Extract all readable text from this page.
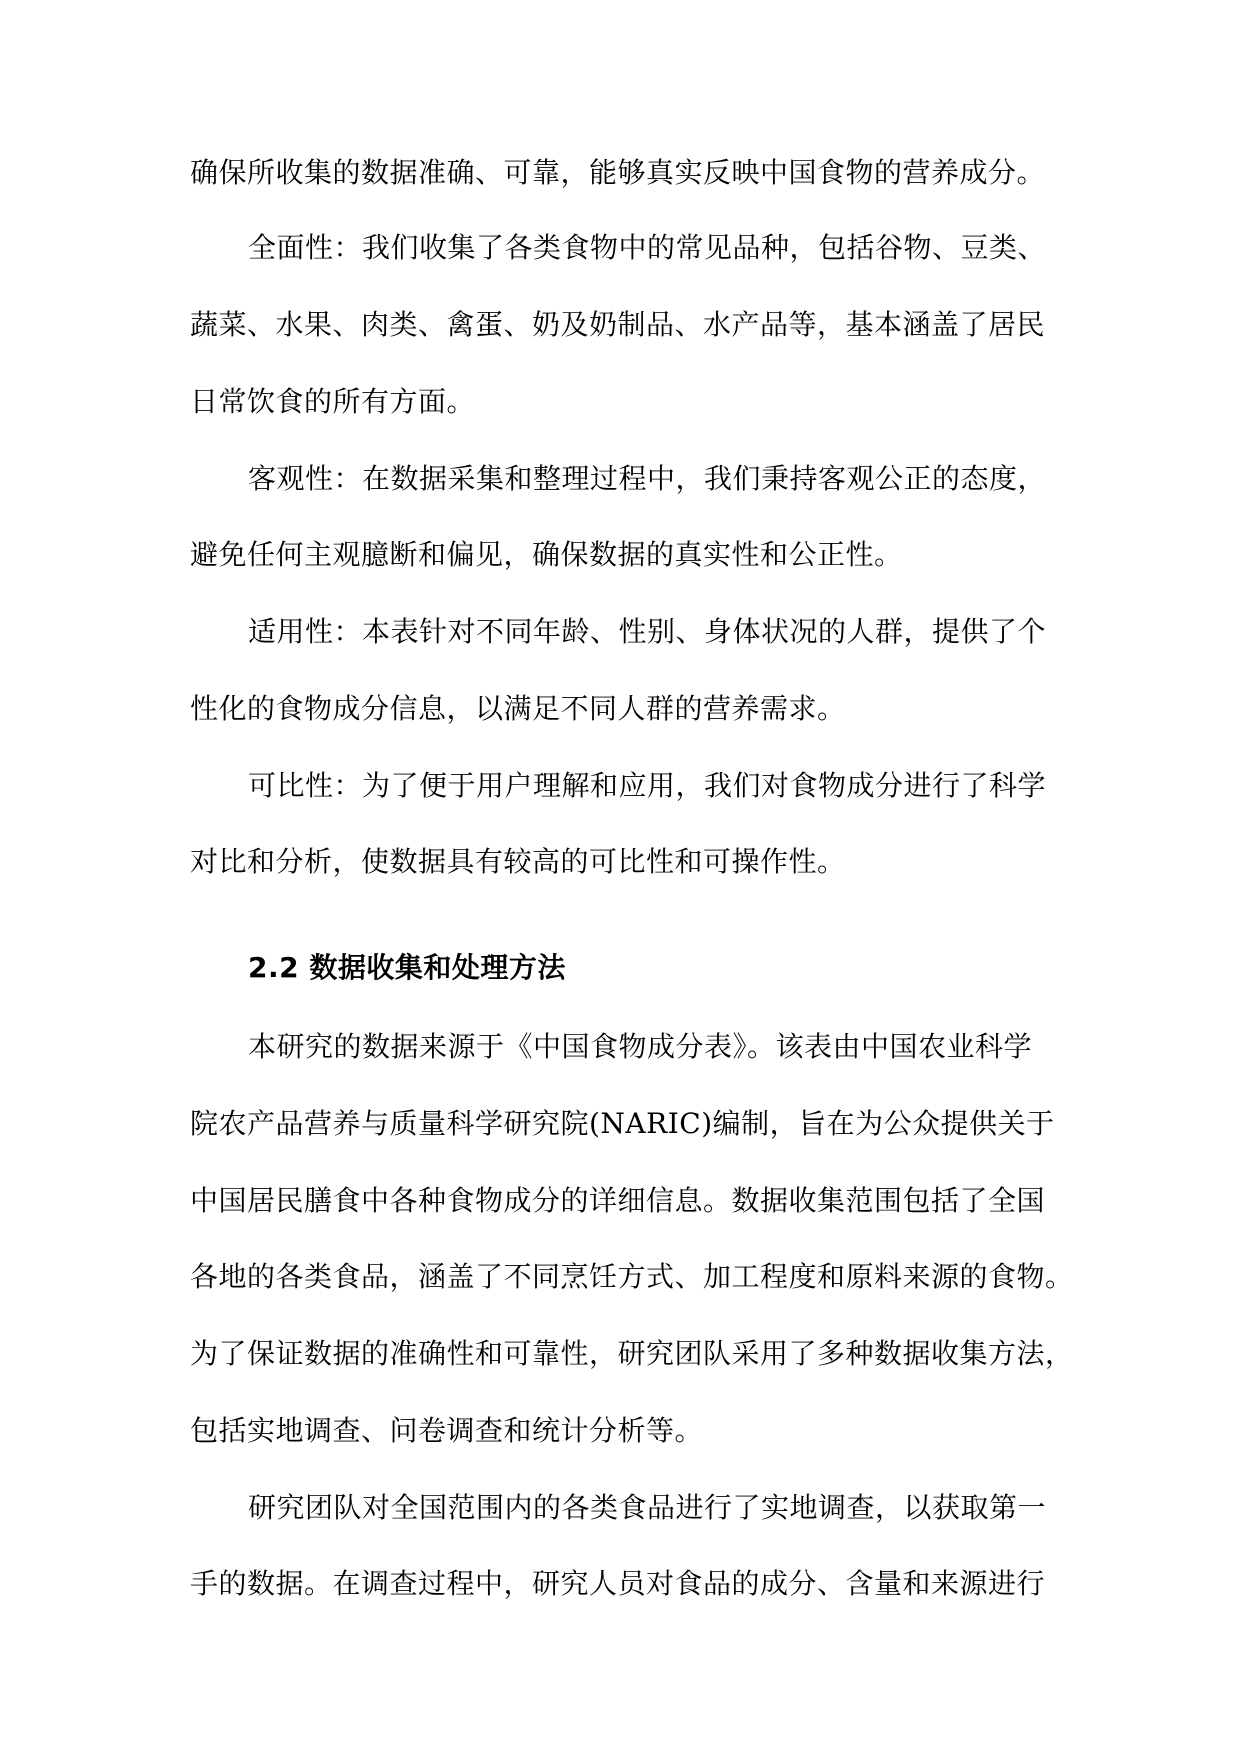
确保所收集的数据准确、可靠，能够真实反映中国食物的营养成分。
全面性：我们收集了各类食物中的常见品种，包括谷物、豆类、
蔬菜、水果、肉类、禽蛋、奶及奶制品、水产品等，基本涵盖了居民
日常饮食的所有方面。
客观性：在数据采集和整理过程中，我们秉持客观公正的态度，
避免任何主观臆断和偏见，确保数据的真实性和公正性。
适用性：本表针对不同年龄、性别、身体状况的人群，提供了个
性化的食物成分信息，以满足不同人群的营养需求。
可比性：为了便于用户理解和应用，我们对食物成分进行了科学
对比和分析，使数据具有较高的可比性和可操作性。
2.2 数据收集和处理方法
本研究的数据来源于《中国食物成分表》。该表由中国农业科学
院农产品营养与质量科学研究院(NARIC)编制，旨在为公众提供关于
中国居民膳食中各种食物成分的详细信息。数据收集范围包括了全国
各地的各类食品，涵盖了不同烹饪方式、加工程度和原料来源的食物。
为了保证数据的准确性和可靠性，研究团队采用了多种数据收集方法，
包括实地调查、问卷调查和统计分析等。
研究团队对全国范围内的各类食品进行了实地调查，以获取第一
手的数据。在调查过程中，研究人员对食品的成分、含量和来源进行
